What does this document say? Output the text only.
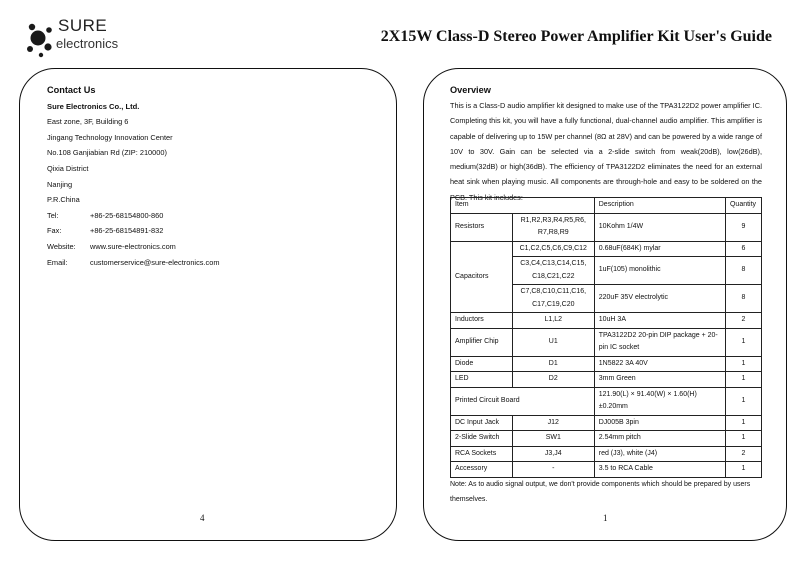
SURE
electronics	2X15W Class-D Stereo Power Amplifier Kit User's Guide
Contact Us
Sure Electronics Co., Ltd.
East zone, 3F, Building 6
Jingang Technology Innovation Center
No.108 Ganjiabian Rd (ZIP: 210000)
Qixia District
Nanjing
P.R.China
Tel:	+86-25-68154800-860
Fax:	+86-25-68154891-832
Website:	www.sure-electronics.com
Email:	customerservice@sure-electronics.com
4	1
Overview

This is a Class-D audio amplifier kit designed to make use of the TPA3122D2 power amplifier IC. Completing this kit, you will have a fully functional, dual-channel audio amplifier. This amplifier is capable of delivering up to 15W per channel (8Ω at 28V) and can be powered by a wide range of 10V to 30V. Gain can be selected via a 2-slide switch from weak(20dB), low(26dB), medium(32dB) or high(36dB). The efficiency of TPA3122D2 eliminates the need for an external heat sink when playing music. All components are through-hole and easy to be soldered on the PCB. This kit includes:

Item		Description	Quantity
Resistors	R1,R2,R3,R4,R5,R6, R7,R8,R9	10Kohm 1/4W	9
Capacitors	C1,C2,C5,C6,C9,C12	0.68uF(684K) mylar	6
	C3,C4,C13,C14,C15, C18,C21,C22	1uF(105) monolithic	8
	C7,C8,C10,C11,C16, C17,C19,C20	220uF 35V electrolytic	8
Inductors	L1,L2	10uH 3A	2
Amplifier Chip	U1	TPA3122D2 20-pin DIP package + 20-pin IC socket	1
Diode	D1	1N5822 3A 40V	1
LED	D2	3mm Green	1
Printed Circuit Board		121.90(L) × 91.40(W) × 1.60(H) ±0.20mm	1
DC Input Jack	J12	DJ005B 3pin	1
2-Slide Switch	SW1	2.54mm pitch	1
RCA Sockets	J3,J4	red (J3), white (J4)	2
Accessory	-	3.5 to RCA Cable	1
Note: As to audio signal output, we don't provide components which should be prepared by users themselves.
